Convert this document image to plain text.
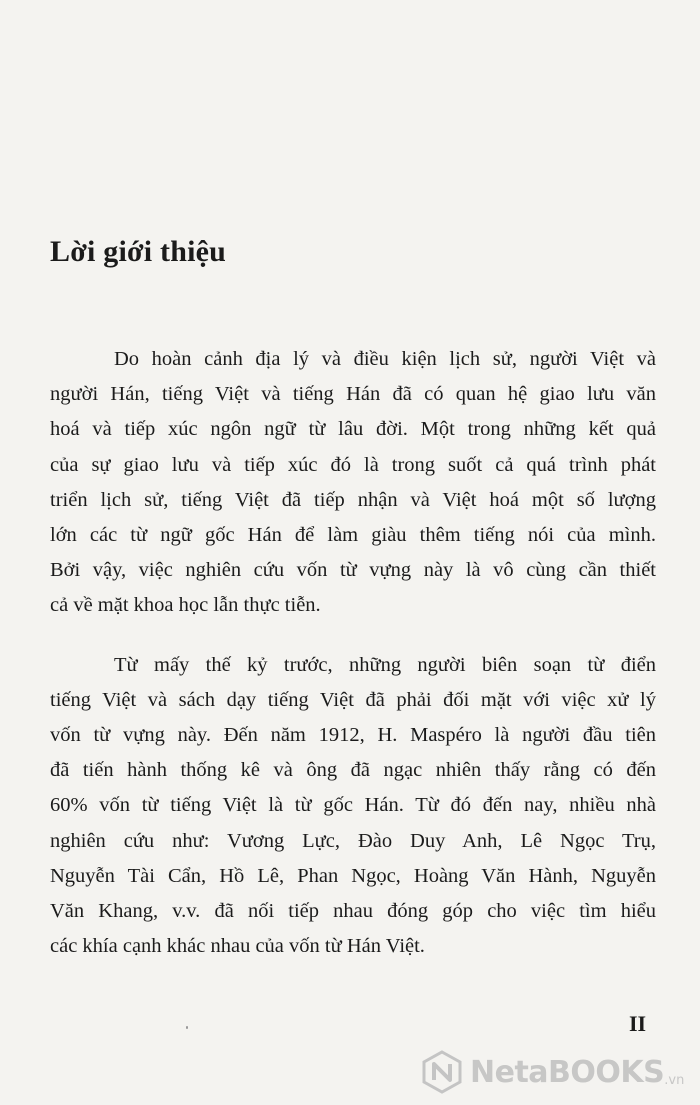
Lời giới thiệu

Do hoàn cảnh địa lý và điều kiện lịch sử, người Việt và
người Hán, tiếng Việt và tiếng Hán đã có quan hệ giao lưu văn
hoá và tiếp xúc ngôn ngữ từ lâu đời. Một trong những kết quả
của sự giao lưu và tiếp xúc đó là trong suốt cả quá trình phát
triển lịch sử, tiếng Việt đã tiếp nhận và Việt hoá một số lượng
lớn các từ ngữ gốc Hán để làm giàu thêm tiếng nói của mình.
Bởi vậy, việc nghiên cứu vốn từ vựng này là vô cùng cần thiết
cả về mặt khoa học lẫn thực tiễn.

Từ mấy thế kỷ trước, những người biên soạn từ điển
tiếng Việt và sách dạy tiếng Việt đã phải đối mặt với việc xử lý
vốn từ vựng này. Đến năm 1912, H. Maspéro là người đầu tiên
đã tiến hành thống kê và ông đã ngạc nhiên thấy rằng có đến
60% vốn từ tiếng Việt là từ gốc Hán. Từ đó đến nay, nhiều nhà
nghiên cứu như: Vương Lực, Đào Duy Anh, Lê Ngọc Trụ,
Nguyễn Tài Cẩn, Hồ Lê, Phan Ngọc, Hoàng Văn Hành, Nguyễn
Văn Khang, v.v. đã nối tiếp nhau đóng góp cho việc tìm hiểu
các khía cạnh khác nhau của vốn từ Hán Việt.

II

NetaBOOKS .vn
